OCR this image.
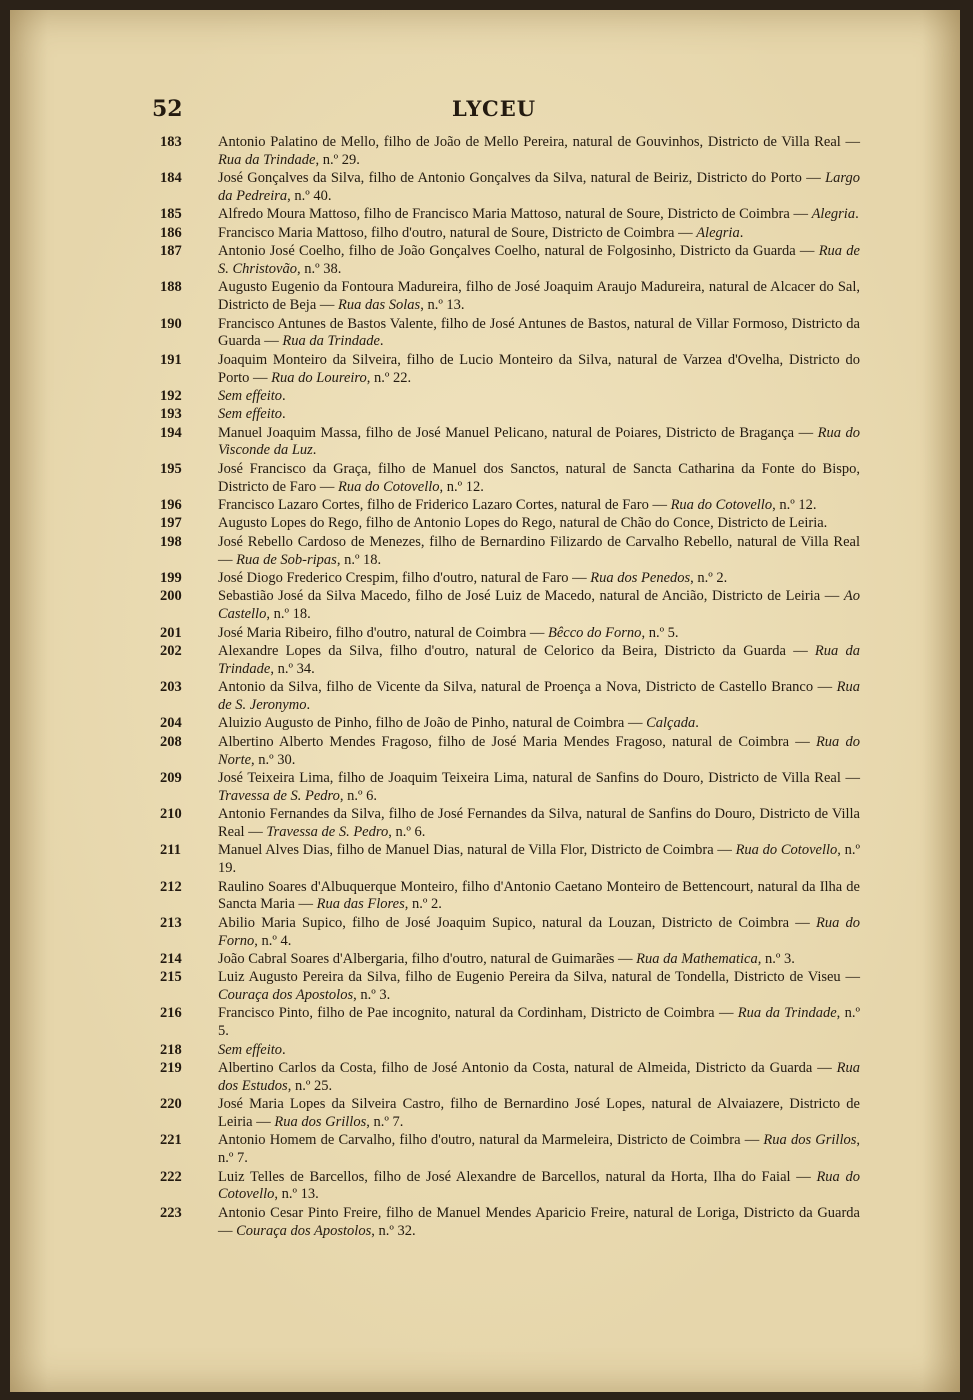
52	LYCEU
183	Antonio Palatino de Mello, filho de João de Mello Pereira, natural de Gouvinhos, Districto de Villa Real — Rua da Trindade, n.º 29.
184	José Gonçalves da Silva, filho de Antonio Gonçalves da Silva, natural de Beiriz, Districto do Porto — Largo da Pedreira, n.º 40.
185	Alfredo Moura Mattoso, filho de Francisco Maria Mattoso, natural de Soure, Districto de Coimbra — Alegria.
186	Francisco Maria Mattoso, filho d'outro, natural de Soure, Districto de Coimbra — Alegria.
187	Antonio José Coelho, filho de João Gonçalves Coelho, natural de Folgosinho, Districto da Guarda — Rua de S. Christovão, n.º 38.
188	Augusto Eugenio da Fontoura Madureira, filho de José Joaquim Araujo Madureira, natural de Alcacer do Sal, Districto de Beja — Rua das Solas, n.º 13.
190	Francisco Antunes de Bastos Valente, filho de José Antunes de Bastos, natural de Villar Formoso, Districto da Guarda — Rua da Trindade.
191	Joaquim Monteiro da Silveira, filho de Lucio Monteiro da Silva, natural de Varzea d'Ovelha, Districto do Porto — Rua do Loureiro, n.º 22.
192	Sem effeito.
193	Sem effeito.
194	Manuel Joaquim Massa, filho de José Manuel Pelicano, natural de Poiares, Districto de Bragança — Rua do Visconde da Luz.
195	José Francisco da Graça, filho de Manuel dos Sanctos, natural de Sancta Catharina da Fonte do Bispo, Districto de Faro — Rua do Cotovello, n.º 12.
196	Francisco Lazaro Cortes, filho de Friderico Lazaro Cortes, natural de Faro — Rua do Cotovello, n.º 12.
197	Augusto Lopes do Rego, filho de Antonio Lopes do Rego, natural de Chão do Conce, Districto de Leiria.
198	José Rebello Cardoso de Menezes, filho de Bernardino Filizardo de Carvalho Rebello, natural de Villa Real — Rua de Sob-ripas, n.º 18.
199	José Diogo Frederico Crespim, filho d'outro, natural de Faro — Rua dos Penedos, n.º 2.
200	Sebastião José da Silva Macedo, filho de José Luiz de Macedo, natural de Ancião, Districto de Leiria — Ao Castello, n.º 18.
201	José Maria Ribeiro, filho d'outro, natural de Coimbra — Bêcco do Forno, n.º 5.
202	Alexandre Lopes da Silva, filho d'outro, natural de Celorico da Beira, Districto da Guarda — Rua da Trindade, n.º 34.
203	Antonio da Silva, filho de Vicente da Silva, natural de Proença a Nova, Districto de Castello Branco — Rua de S. Jeronymo.
204	Aluizio Augusto de Pinho, filho de João de Pinho, natural de Coimbra — Calçada.
208	Albertino Alberto Mendes Fragoso, filho de José Maria Mendes Fragoso, natural de Coimbra — Rua do Norte, n.º 30.
209	José Teixeira Lima, filho de Joaquim Teixeira Lima, natural de Sanfins do Douro, Districto de Villa Real — Travessa de S. Pedro, n.º 6.
210	Antonio Fernandes da Silva, filho de José Fernandes da Silva, natural de Sanfins do Douro, Districto de Villa Real — Travessa de S. Pedro, n.º 6.
211	Manuel Alves Dias, filho de Manuel Dias, natural de Villa Flor, Districto de Coimbra — Rua do Cotovello, n.º 19.
212	Raulino Soares d'Albuquerque Monteiro, filho d'Antonio Caetano Monteiro de Bettencourt, natural da Ilha de Sancta Maria — Rua das Flores, n.º 2.
213	Abilio Maria Supico, filho de José Joaquim Supico, natural da Louzan, Districto de Coimbra — Rua do Forno, n.º 4.
214	João Cabral Soares d'Albergaria, filho d'outro, natural de Guimarães — Rua da Mathematica, n.º 3.
215	Luiz Augusto Pereira da Silva, filho de Eugenio Pereira da Silva, natural de Tondella, Districto de Viseu — Couraça dos Apostolos, n.º 3.
216	Francisco Pinto, filho de Pae incognito, natural da Cordinham, Districto de Coimbra — Rua da Trindade, n.º 5.
218	Sem effeito.
219	Albertino Carlos da Costa, filho de José Antonio da Costa, natural de Almeida, Districto da Guarda — Rua dos Estudos, n.º 25.
220	José Maria Lopes da Silveira Castro, filho de Bernardino José Lopes, natural de Alvaiazere, Districto de Leiria — Rua dos Grillos, n.º 7.
221	Antonio Homem de Carvalho, filho d'outro, natural da Marmeleira, Districto de Coimbra — Rua dos Grillos, n.º 7.
222	Luiz Telles de Barcellos, filho de José Alexandre de Barcellos, natural da Horta, Ilha do Faial — Rua do Cotovello, n.º 13.
223	Antonio Cesar Pinto Freire, filho de Manuel Mendes Aparicio Freire, natural de Loriga, Districto da Guarda — Couraça dos Apostolos, n.º 32.
